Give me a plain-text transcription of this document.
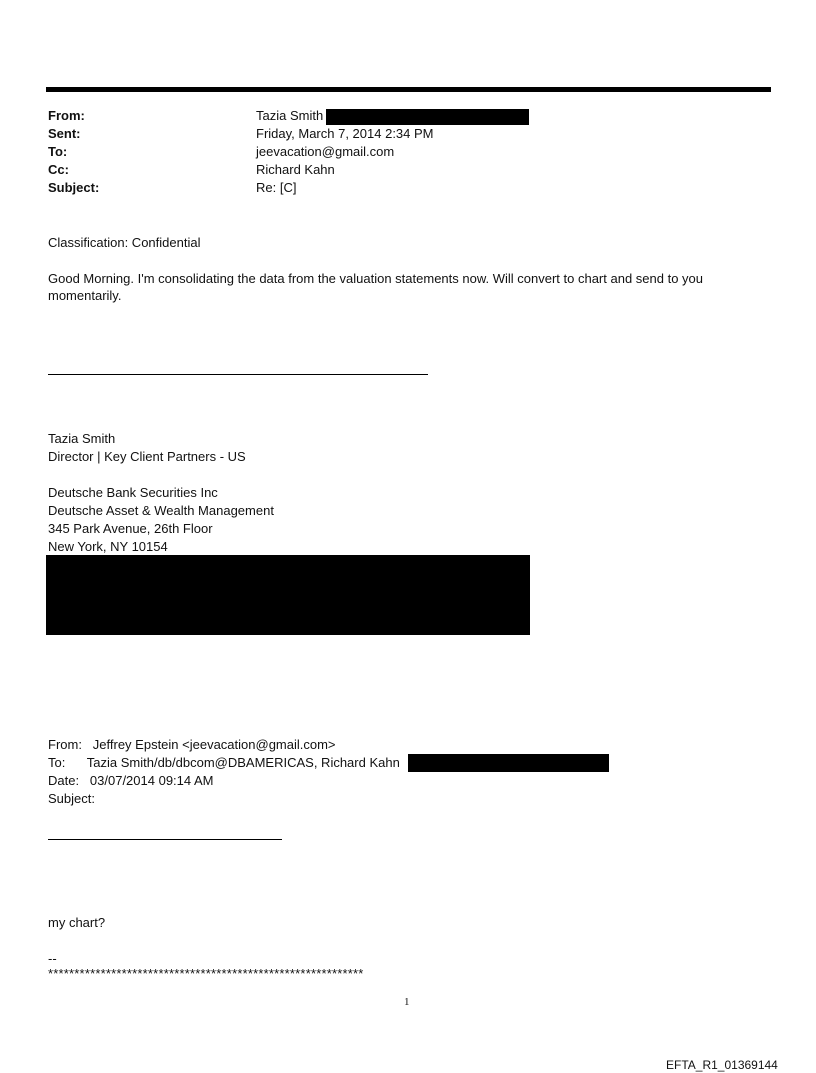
From:	Tazia Smith
Sent:	Friday, March 7, 2014 2:34 PM
To:	jeevacation@gmail.com
Cc:	Richard Kahn
Subject:	Re: [C]
Classification: Confidential
Good Morning. I'm consolidating the data from the valuation statements now. Will convert to chart and send to you
momentarily.
Tazia Smith
Director | Key Client Partners - US
Deutsche Bank Securities Inc
Deutsche Asset & Wealth Management
345 Park Avenue, 26th Floor
New York, NY 10154
From:   Jeffrey Epstein <jeevacation@gmail.com>
To:      Tazia Smith/db/dbcom@DBAMERICAS, Richard Kahn
Date:   03/07/2014 09:14 AM
Subject:
my chart?
--
************************************************************
1
EFTA_R1_01369144
